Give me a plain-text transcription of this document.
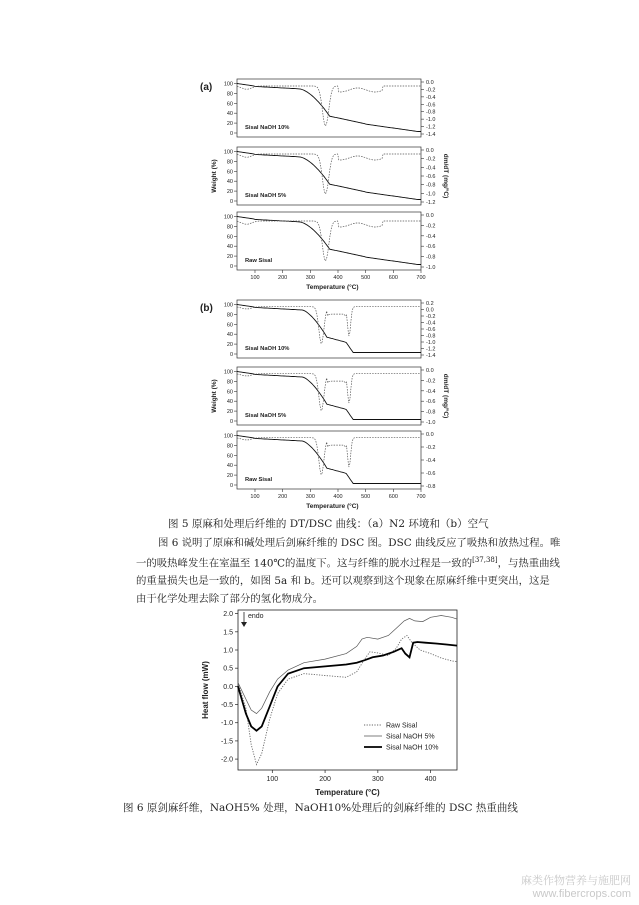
100
80
60
40
20
0
0.0
-0.2
-0.4
-0.6
-0.8
-1.0
-1.2
-1.4
Sisal NaOH 10%
100
80
60
40
20
0
0.0
-0.2
-0.4
-0.6
-0.8
-1.0
-1.2
Sisal NaOH 5%
100
80
60
40
20
0
0.0
-0.2
-0.4
-0.6
-0.8
-1.0
Raw Sisal
100	200	300	400	500	600	700
Temperature (°C)
Weight (%)	dm/dT (mg/°C)
(a)
100
80
60
40
20
0
0.2
0.0
-0.2
-0.4
-0.6
-0.8
-1.0
-1.2
-1.4
Sisal NaOH 10%
100
80
60
40
20
0
0.0
-0.2
-0.4
-0.6
-0.8
-1.0
Sisal NaOH 5%
100
80
60
40
20
0
0.0
-0.2
-0.4
-0.6
-0.8
Raw Sisal
100	200	300	400	500	600	700
Temperature (°C)
Weight (%)	dm/dT (mg/°C)
(b)
100	200	300	400
2.0
1.5
1.0
0.5
0.0
-0.5
-1.0
-1.5
-2.0
Temperature (°C)
Heat flow (mW)
endo
Raw Sisal
Sisal NaOH 5%
Sisal NaOH 10%
图 5 原麻和处理后纤维的 DT/DSC 曲线：（a）N2 环境和（b）空气
图 6 说明了原麻和碱处理后剑麻纤维的 DSC 图。DSC 曲线反应了吸热和放热过程。唯
一的吸热峰发生在室温至 140℃的温度下。这与纤维的脱水过程是一致的[37,38]，与热重曲线
的重量损失也是一致的，如图 5a 和 b。还可以观察到这个现象在原麻纤维中更突出，这是
由于化学处理去除了部分的氢化物成分。
图 6 原剑麻纤维，NaOH5% 处理，NaOH10%处理后的剑麻纤维的 DSC 热重曲线
麻类作物营养与施肥网
www.fibercrops.com
